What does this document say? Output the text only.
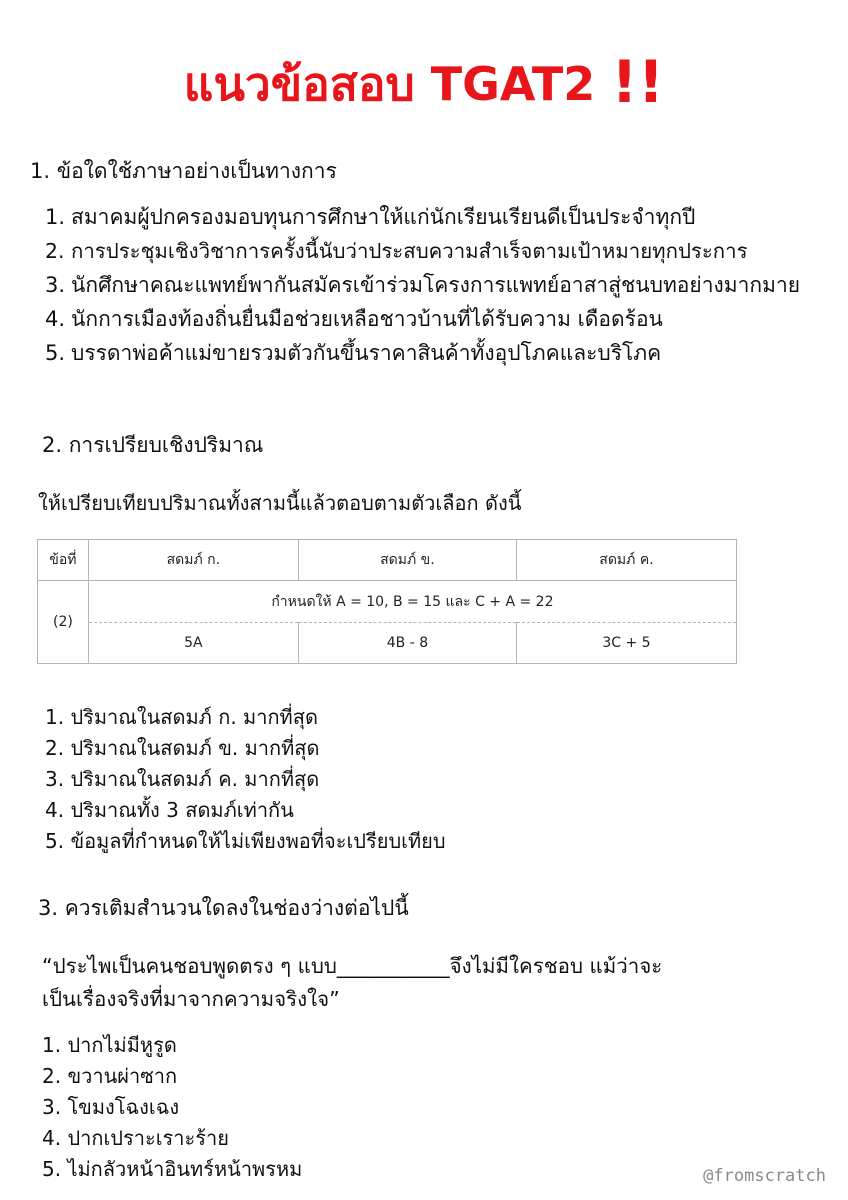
แนวข้อสอบ TGAT2 !!
1. ข้อใดใช้ภาษาอย่างเป็นทางการ
1. สมาคมผู้ปกครองมอบทุนการศึกษาให้แก่นักเรียนเรียนดีเป็นประจำทุกปี
2. การประชุมเชิงวิชาการครั้งนี้นับว่าประสบความสำเร็จตามเป้าหมายทุกประการ
3. นักศึกษาคณะแพทย์พากันสมัครเข้าร่วมโครงการแพทย์อาสาสู่ชนบทอย่างมากมาย
4. นักการเมืองท้องถิ่นยื่นมือช่วยเหลือชาวบ้านที่ได้รับความ เดือดร้อน
5. บรรดาพ่อค้าแม่ขายรวมตัวกันขึ้นราคาสินค้าทั้งอุปโภคและบริโภค
2. การเปรียบเชิงปริมาณ
ให้เปรียบเทียบปริมาณทั้งสามนี้แล้วตอบตามตัวเลือก ดังนี้
ข้อที่	สดมภ์ ก.	สดมภ์ ข.	สดมภ์ ค.
(2)	กำหนดให้ A = 10, B = 15 และ C + A = 22		
	5A	4B - 8	3C + 5
1. ปริมาณในสดมภ์ ก. มากที่สุด
2. ปริมาณในสดมภ์ ข. มากที่สุด
3. ปริมาณในสดมภ์ ค. มากที่สุด
4. ปริมาณทั้ง 3 สดมภ์เท่ากัน
5. ข้อมูลที่กำหนดให้ไม่เพียงพอที่จะเปรียบเทียบ
3. ควรเติมสำนวนใดลงในช่องว่างต่อไปนี้
“ประไพเป็นคนชอบพูดตรง ๆ แบบ___________จึงไม่มีใครชอบ แม้ว่าจะ
เป็นเรื่องจริงที่มาจากความจริงใจ”
1. ปากไม่มีหูรูด
2. ขวานผ่าซาก
3. โขมงโฉงเฉง
4. ปากเปราะเราะร้าย
5. ไม่กลัวหน้าอินทร์หน้าพรหม	@fromscratch
